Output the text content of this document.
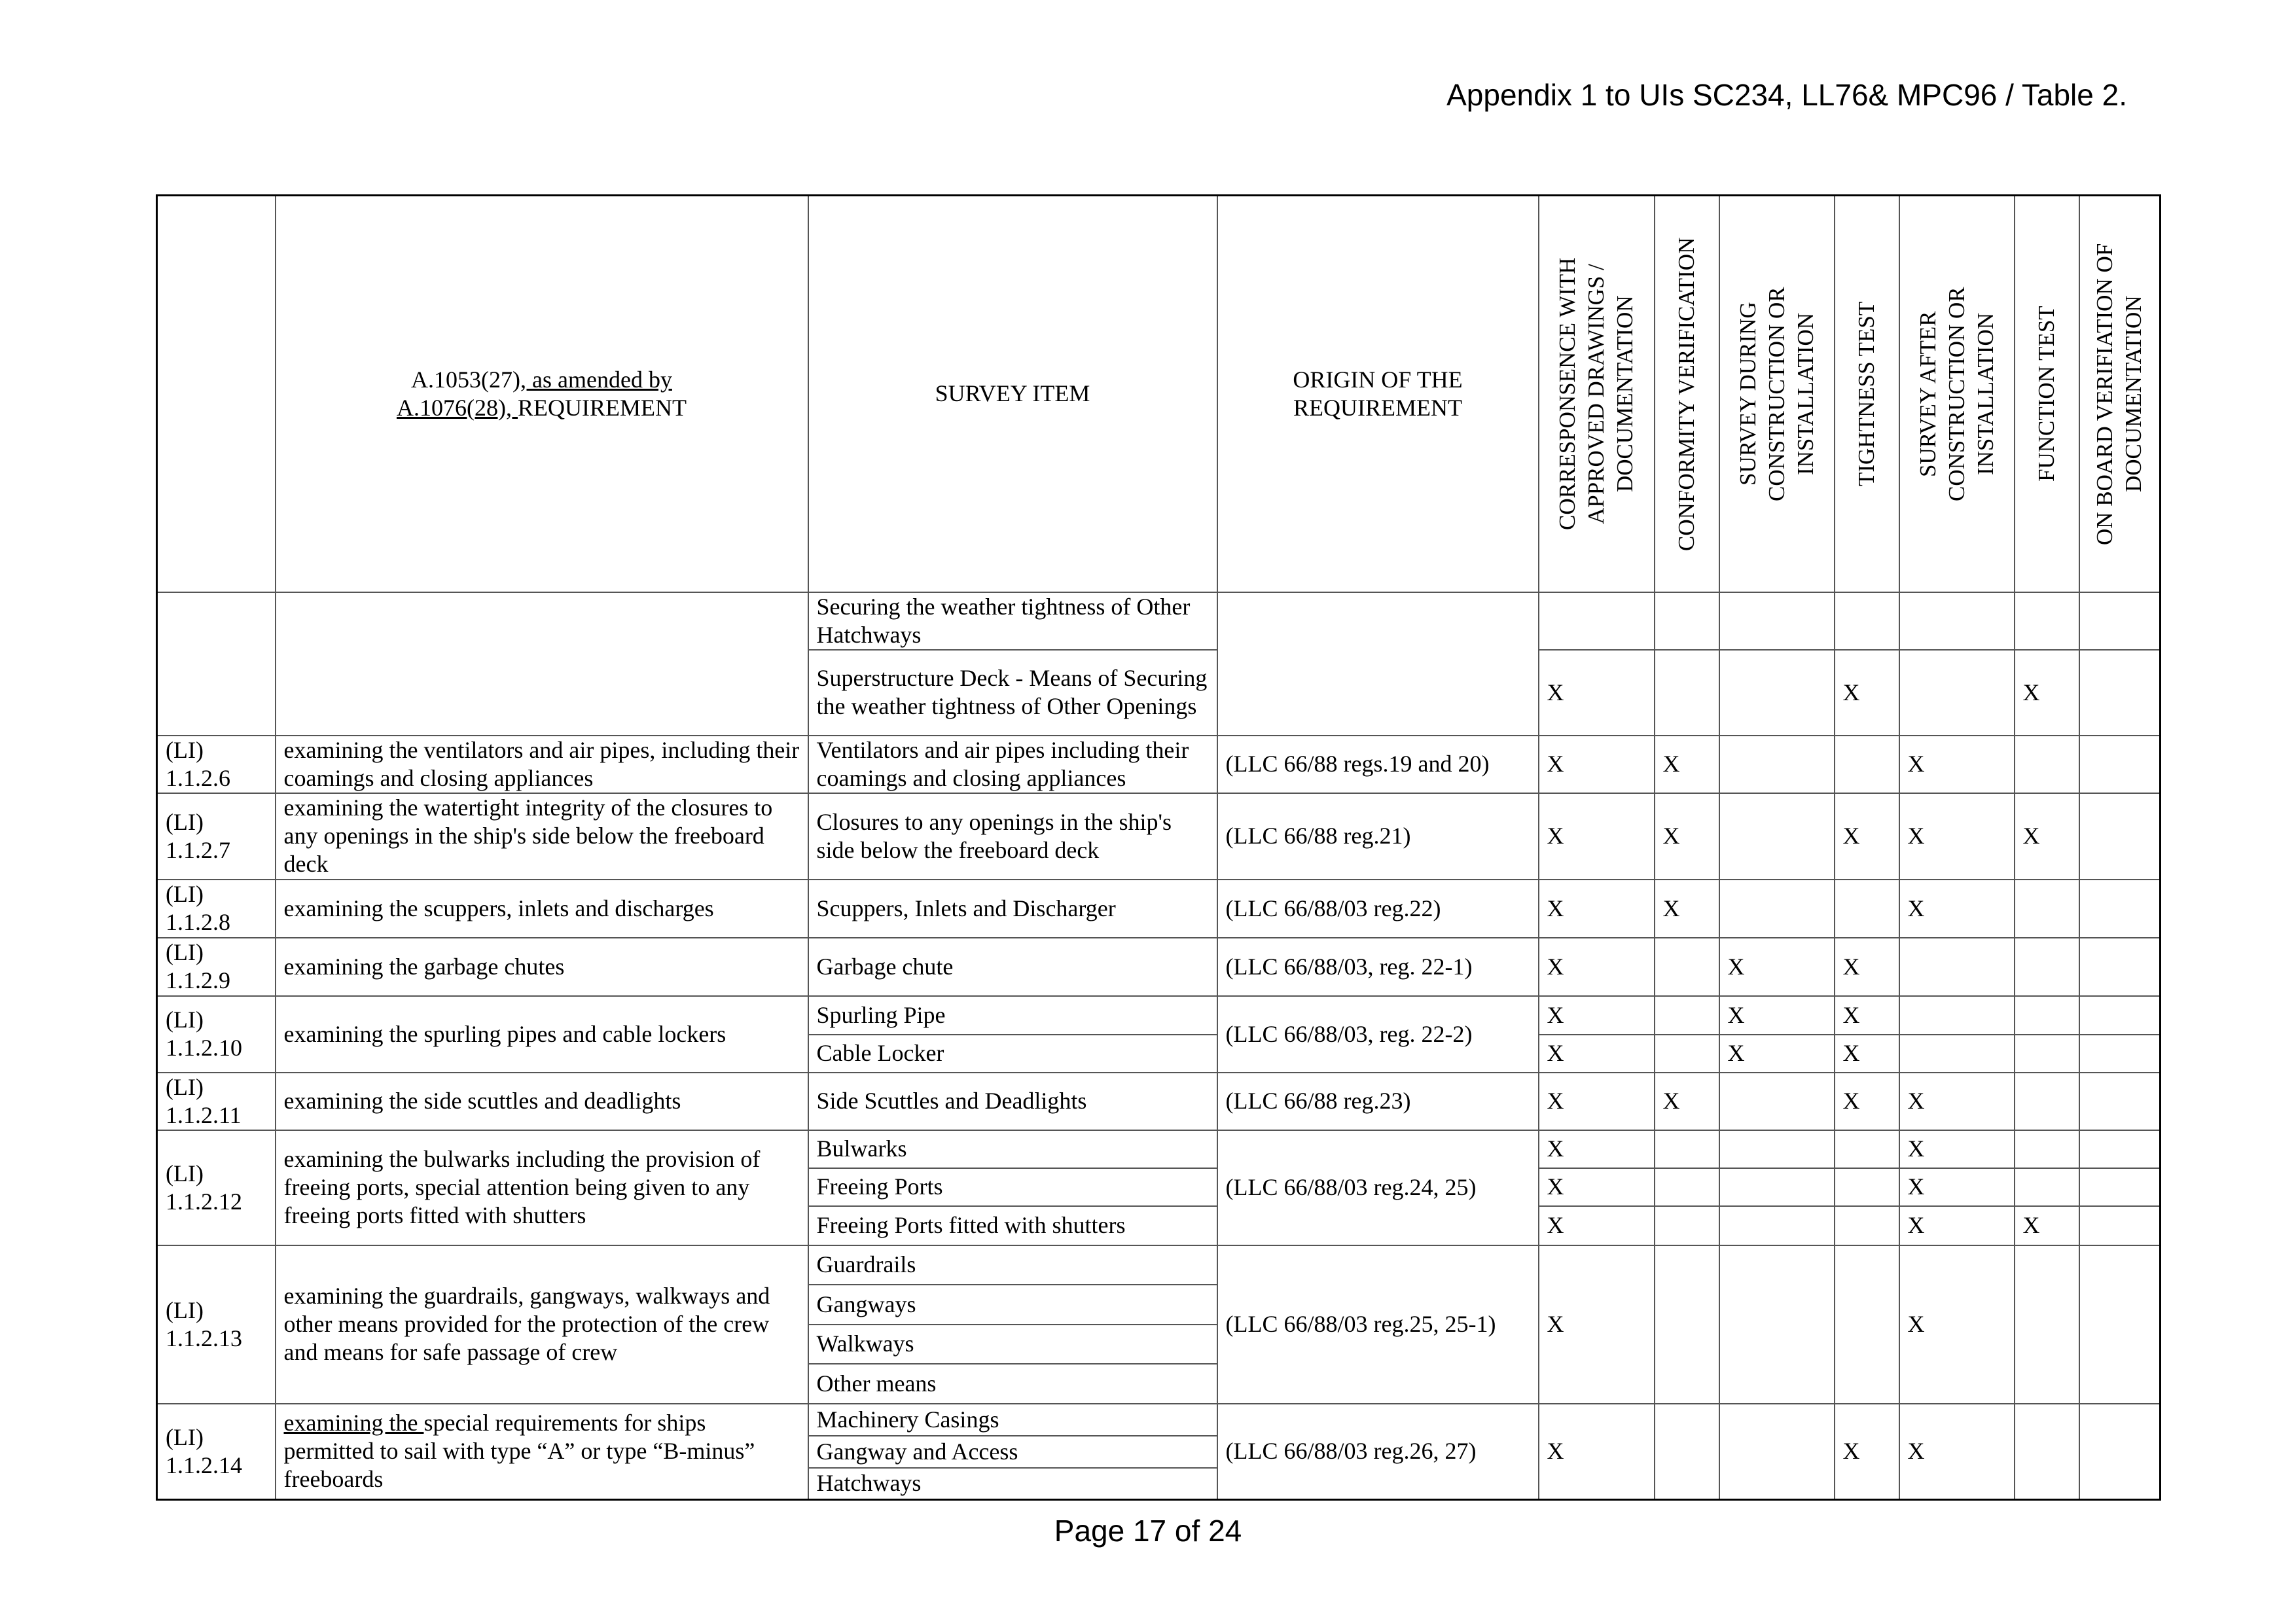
Appendix 1 to UIs SC234, LL76& MPC96 / Table 2.
	A.1053(27), as amended by
A.1076(28), REQUIREMENT	SURVEY ITEM	ORIGIN OF THE REQUIREMENT	CORRESPONSENCE WITH APPROVED DRAWINGS / DOCUMENTATION	CONFORMITY VERIFICATION	SURVEY DURING CONSTRUCTION OR INSTALLATION	TIGHTNESS TEST	SURVEY AFTER CONSTRUCTION OR INSTALLATION	FUNCTION TEST	ON BOARD VERIFIATION OF DOCUMENTATION

		Securing the weather tightness of Other Hatchways								
		Superstructure Deck - Means of Securing the weather tightness of Other Openings		X			X		X	
(LI) 1.1.2.6	examining the ventilators and air pipes, including their coamings and closing appliances	Ventilators and air pipes including their coamings and closing appliances	(LLC 66/88 regs.19 and 20)	X	X			X		
(LI) 1.1.2.7	examining the watertight integrity of the closures to any openings in the ship's side below the freeboard deck	Closures to any openings in the ship's side below the freeboard deck	(LLC 66/88 reg.21)	X	X		X	X	X	
(LI) 1.1.2.8	examining the scuppers, inlets and discharges	Scuppers, Inlets and Discharger	(LLC 66/88/03 reg.22)	X	X			X		
(LI) 1.1.2.9	examining the garbage chutes	Garbage chute	(LLC 66/88/03, reg. 22-1)	X		X	X			
(LI) 1.1.2.10	examining the spurling pipes and cable lockers	Spurling Pipe	(LLC 66/88/03, reg. 22-2)	X		X	X			
		Cable Locker		X		X	X			
(LI) 1.1.2.11	examining the side scuttles and deadlights	Side Scuttles and Deadlights	(LLC 66/88 reg.23)	X	X		X	X		
(LI) 1.1.2.12	examining the bulwarks including the provision of freeing ports, special attention being given to any freeing ports fitted with shutters	Bulwarks	(LLC 66/88/03 reg.24, 25)	X				X		
		Freeing Ports		X				X		
		Freeing Ports fitted with shutters		X				X	X	
(LI) 1.1.2.13	examining the guardrails, gangways, walkways and other means provided for the protection of the crew and means for safe passage of crew	Guardrails	(LLC 66/88/03 reg.25, 25-1)	X				X		
		Gangways								
		Walkways								
		Other means								
(LI) 1.1.2.14	examining the special requirements for ships permitted to sail with type “A” or type “B-minus” freeboards	Machinery Casings	(LLC 66/88/03 reg.26, 27)	X			X	X		
		Gangway and Access								
		Hatchways								
Page 17 of 24
